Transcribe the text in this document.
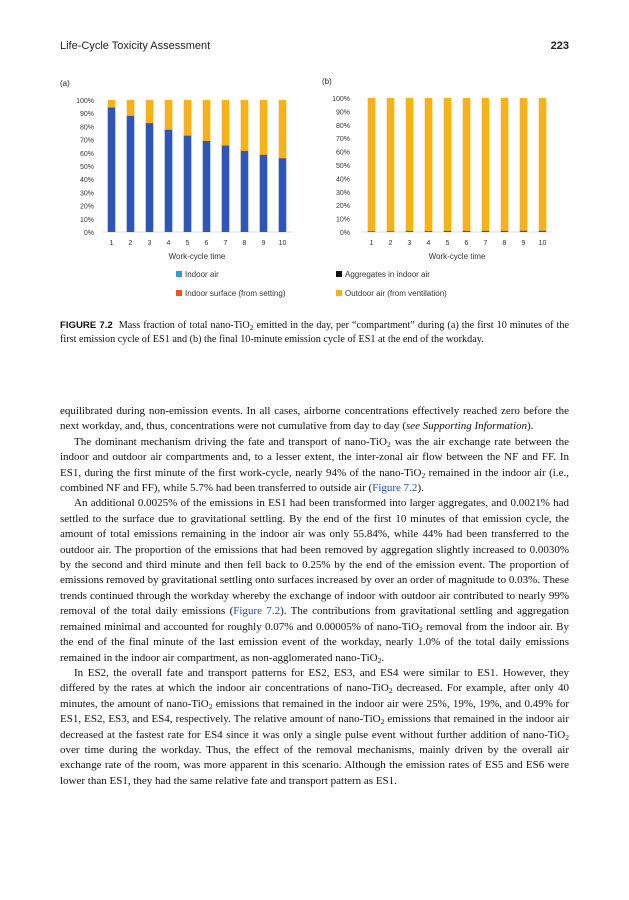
Life-Cycle Toxicity Assessment	223
(a)
0%
10%
20%
30%
40%
50%
60%
70%
80%
90%
100%
1 2 3 4 5 6 7 8 9 10
Work-cycle time
(b)
0%
10%
20%
30%
40%
50%
60%
70%
80%
90%
100%
1 2 3 4 5 6 7 8 9 10
Work-cycle time
Indoor air	Aggregates in indoor air
Indoor surface (from setting)	Outdoor air (from ventilation)
FIGURE 7.2 Mass fraction of total nano-TiO$_2$ emitted in the day, per “compartment” during (a) the first 10 minutes of the first emission cycle of ES1 and (b) the final 10-minute emission cycle of ES1 at the end of the workday.

equilibrated during non-emission events. In all cases, airborne concentrations effectively reached zero before the next workday, and, thus, concentrations were not cumulative from day to day (see Supporting Information).

The dominant mechanism driving the fate and transport of nano-TiO$_2$ was the air exchange rate between the indoor and outdoor air compartments and, to a lesser extent, the inter-zonal air flow between the NF and FF. In ES1, during the first minute of the first work-cycle, nearly 94% of the nano-TiO$_2$ remained in the indoor air (i.e., combined NF and FF), while 5.7% had been transferred to outside air (Figure 7.2).

An additional 0.0025% of the emissions in ES1 had been transformed into larger aggregates, and 0.0021% had settled to the surface due to gravitational settling. By the end of the first 10 minutes of that emission cycle, the amount of total emissions remaining in the indoor air was only 55.84%, while 44% had been transferred to the outdoor air. The proportion of the emissions that had been removed by aggregation slightly increased to 0.0030% by the second and third minute and then fell back to 0.25% by the end of the emission event. The proportion of emissions removed by gravitational settling onto surfaces increased by over an order of magnitude to 0.03%. These trends continued through the workday whereby the exchange of indoor with outdoor air contributed to nearly 99% removal of the total daily emissions (Figure 7.2). The contributions from gravitational settling and aggregation remained minimal and accounted for roughly 0.07% and 0.00005% of nano-TiO$_2$ removal from the indoor air. By the end of the final minute of the last emission event of the workday, nearly 1.0% of the total daily emissions remained in the indoor air compartment, as non-agglomerated nano-TiO$_2$.

In ES2, the overall fate and transport patterns for ES2, ES3, and ES4 were similar to ES1. However, they differed by the rates at which the indoor air concentrations of nano-TiO$_2$ decreased. For example, after only 40 minutes, the amount of nano-TiO$_2$ emissions that remained in the indoor air were 25%, 19%, 19%, and 0.49% for ES1, ES2, ES3, and ES4, respectively. The relative amount of nano-TiO$_2$ emissions that remained in the indoor air decreased at the fastest rate for ES4 since it was only a single pulse event without further addition of nano-TiO$_2$ over time during the workday. Thus, the effect of the removal mechanisms, mainly driven by the overall air exchange rate of the room, was more apparent in this scenario. Although the emission rates of ES5 and ES6 were lower than ES1, they had the same relative fate and transport pattern as ES1.
